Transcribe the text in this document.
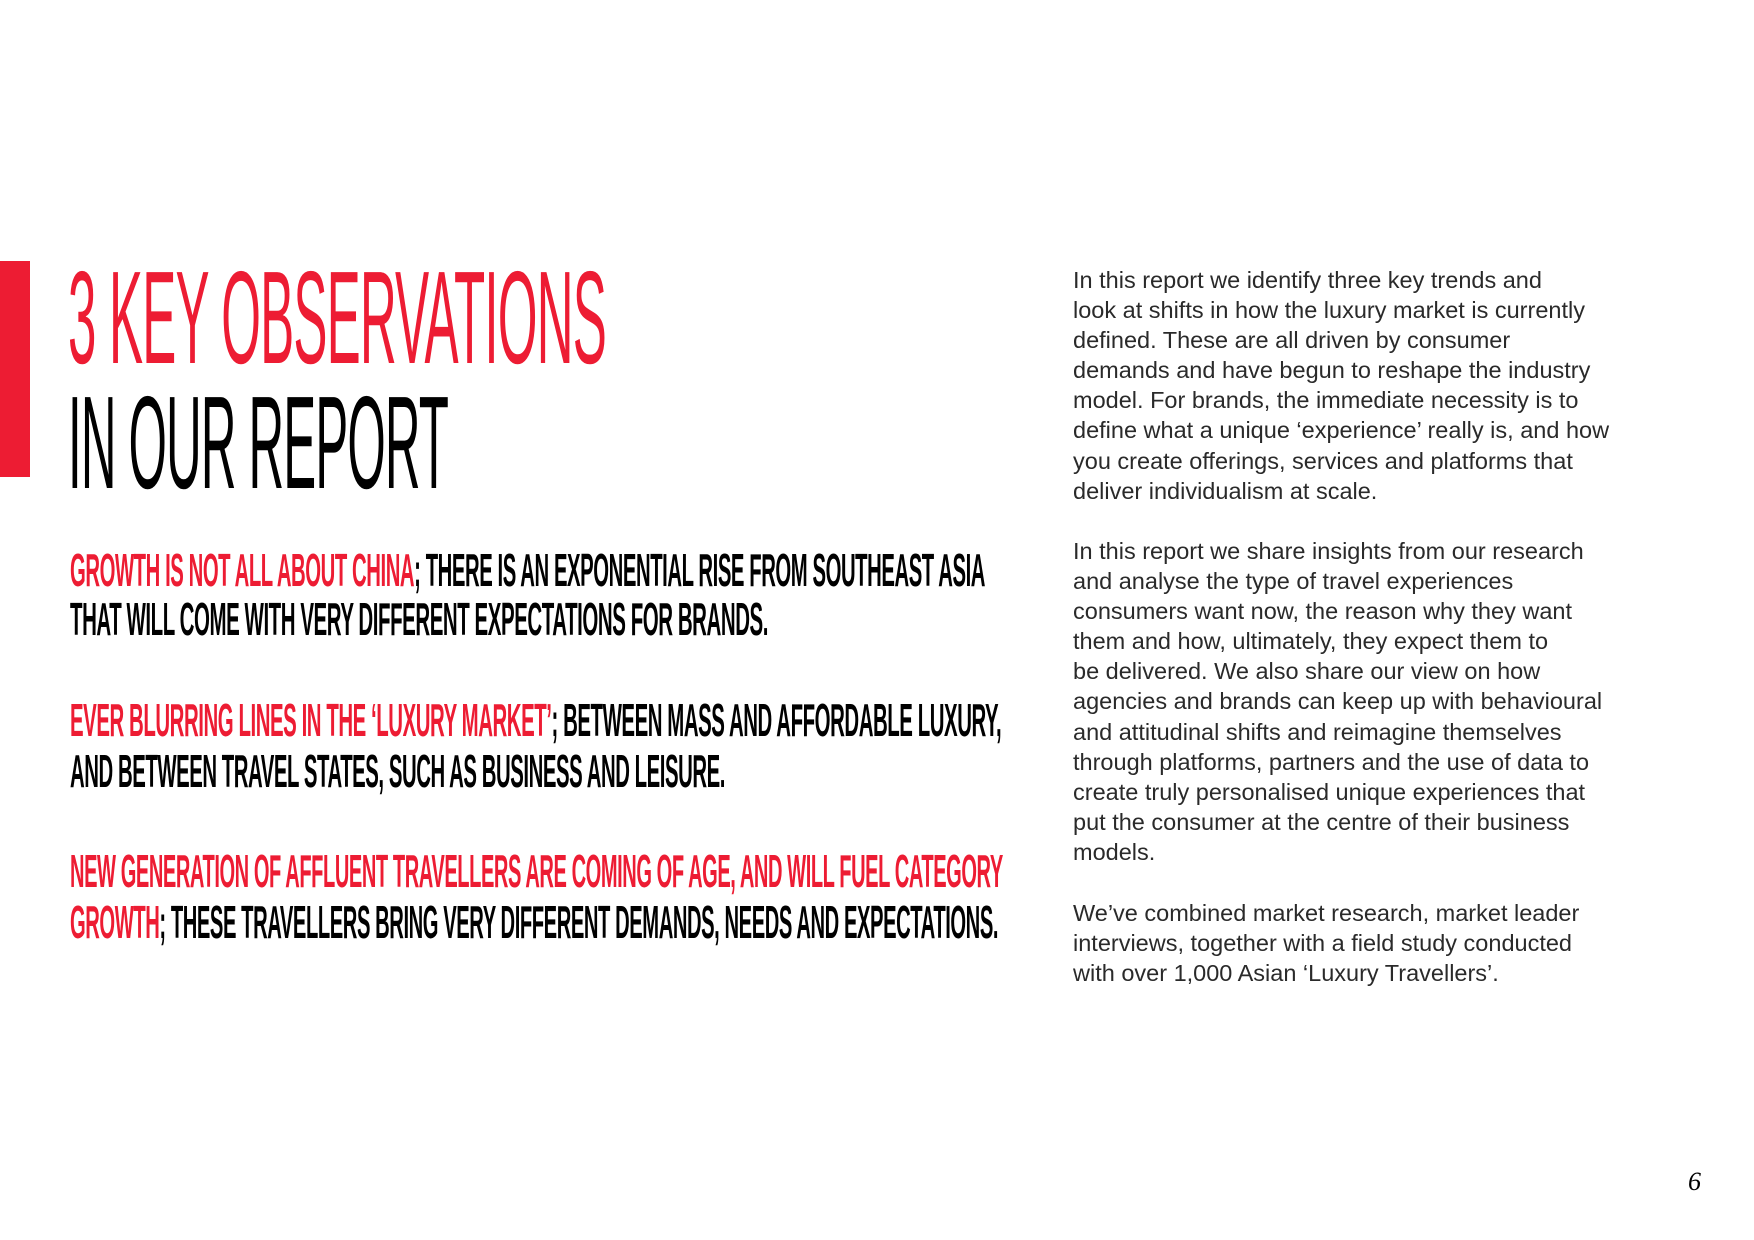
3 KEY OBSERVATIONS
IN OUR REPORT
GROWTH IS NOT ALL ABOUT CHINA; THERE IS AN EXPONENTIAL RISE FROM SOUTHEAST ASIA
THAT WILL COME WITH VERY DIFFERENT EXPECTATIONS FOR BRANDS.
EVER BLURRING LINES IN THE ‘LUXURY MARKET’; BETWEEN MASS AND AFFORDABLE LUXURY,
AND BETWEEN TRAVEL STATES, SUCH AS BUSINESS AND LEISURE.
NEW GENERATION OF AFFLUENT TRAVELLERS ARE COMING OF AGE, AND WILL FUEL CATEGORY
GROWTH; THESE TRAVELLERS BRING VERY DIFFERENT DEMANDS, NEEDS AND EXPECTATIONS.
In this report we identify three key trends and
look at shifts in how the luxury market is currently
defined. These are all driven by consumer
demands and have begun to reshape the industry
model. For brands, the immediate necessity is to
define what a unique ‘experience’ really is, and how
you create offerings, services and platforms that
deliver individualism at scale.
In this report we share insights from our research
and analyse the type of travel experiences
consumers want now, the reason why they want
them and how, ultimately, they expect them to
be delivered. We also share our view on how
agencies and brands can keep up with behavioural
and attitudinal shifts and reimagine themselves
through platforms, partners and the use of data to
create truly personalised unique experiences that
put the consumer at the centre of their business
models.
We’ve combined market research, market leader
interviews, together with a field study conducted
with over 1,000 Asian ‘Luxury Travellers’.
6
